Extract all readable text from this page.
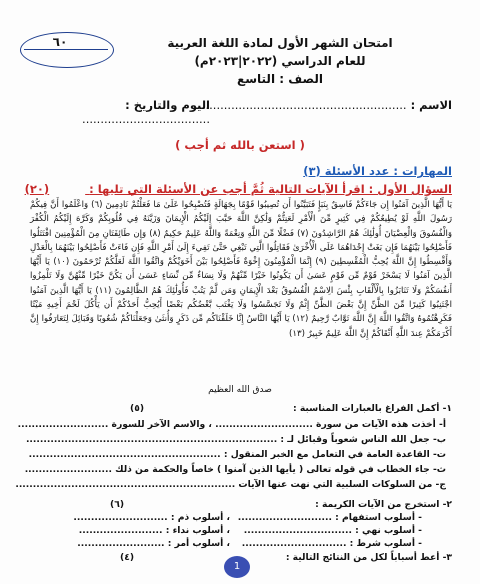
٦٠	امتحان الشهر الأول لمادة اللغة العربية
للعام الدراسي (٢٠٢٢|٢٠٢٣م)
الصف : التاسع
الاسم : ..........................................................
اليوم والتاريخ : ...................................
( استعن بالله ثم أجب )
المهارات : عدد الأسئلة (٣)
السؤال الأول : اقرأ الآيات التالية ثُمَّ أجب عن الأسئلة التي تليها : (٢٠)
يَا أَيُّهَا الَّذِينَ آمَنُوا إِن جَاءَكُمْ فَاسِقٌ بِنَبَإٍ فَتَبَيَّنُوا أَن تُصِيبُوا قَوْمًا بِجَهَالَةٍ فَتُصْبِحُوا عَلَىٰ مَا فَعَلْتُمْ نَادِمِينَ (٦) وَاعْلَمُوا أَنَّ فِيكُمْ رَسُولَ اللَّهِ لَوْ يُطِيعُكُمْ فِي كَثِيرٍ مِّنَ الْأَمْرِ لَعَنِتُّمْ وَلَٰكِنَّ اللَّهَ حَبَّبَ إِلَيْكُمُ الْإِيمَانَ وَزَيَّنَهُ فِي قُلُوبِكُمْ وَكَرَّهَ إِلَيْكُمُ الْكُفْرَ وَالْفُسُوقَ وَالْعِصْيَانَ أُولَٰئِكَ هُمُ الرَّاشِدُونَ (٧) فَضْلًا مِّنَ اللَّهِ وَنِعْمَةً وَاللَّهُ عَلِيمٌ حَكِيمٌ (٨) وَإِن طَائِفَتَانِ مِنَ الْمُؤْمِنِينَ اقْتَتَلُوا فَأَصْلِحُوا بَيْنَهُمَا فَإِن بَغَتْ إِحْدَاهُمَا عَلَى الْأُخْرَىٰ فَقَاتِلُوا الَّتِي تَبْغِي حَتَّىٰ تَفِيءَ إِلَىٰ أَمْرِ اللَّهِ فَإِن فَاءَتْ فَأَصْلِحُوا بَيْنَهُمَا بِالْعَدْلِ وَأَقْسِطُوا إِنَّ اللَّهَ يُحِبُّ الْمُقْسِطِينَ (٩) إِنَّمَا الْمُؤْمِنُونَ إِخْوَةٌ فَأَصْلِحُوا بَيْنَ أَخَوَيْكُمْ وَاتَّقُوا اللَّهَ لَعَلَّكُمْ تُرْحَمُونَ (١٠) يَا أَيُّهَا الَّذِينَ آمَنُوا لَا يَسْخَرْ قَوْمٌ مِّن قَوْمٍ عَسَىٰ أَن يَكُونُوا خَيْرًا مِّنْهُمْ وَلَا نِسَاءٌ مِّن نِّسَاءٍ عَسَىٰ أَن يَكُنَّ خَيْرًا مِّنْهُنَّ وَلَا تَلْمِزُوا أَنفُسَكُمْ وَلَا تَنَابَزُوا بِالْأَلْقَابِ بِئْسَ الِاسْمُ الْفُسُوقُ بَعْدَ الْإِيمَانِ وَمَن لَّمْ يَتُبْ فَأُولَٰئِكَ هُمُ الظَّالِمُونَ (١١) يَا أَيُّهَا الَّذِينَ آمَنُوا اجْتَنِبُوا كَثِيرًا مِّنَ الظَّنِّ إِنَّ بَعْضَ الظَّنِّ إِثْمٌ وَلَا تَجَسَّسُوا وَلَا يَغْتَب بَّعْضُكُم بَعْضًا أَيُحِبُّ أَحَدُكُمْ أَن يَأْكُلَ لَحْمَ أَخِيهِ مَيْتًا فَكَرِهْتُمُوهُ وَاتَّقُوا اللَّهَ إِنَّ اللَّهَ تَوَّابٌ رَّحِيمٌ (١٢) يَا أَيُّهَا النَّاسُ إِنَّا خَلَقْنَاكُم مِّن ذَكَرٍ وَأُنثَىٰ وَجَعَلْنَاكُمْ شُعُوبًا وَقَبَائِلَ لِتَعَارَفُوا إِنَّ أَكْرَمَكُمْ عِندَ اللَّهِ أَتْقَاكُمْ إِنَّ اللَّهَ عَلِيمٌ خَبِيرٌ (١٣)
صدق الله العظيم
١- أكمل الفراغ بالعبارات المناسبة :
(٥)
أ- أخذت هذه الآيات من سورة ............................ ، والاسم الآخر للسورة ..........................
ب- جعل الله الناس شعوباً وقبائل لـ : ........................................................................
ت- القاعدة العامة في التعامل مع الخبر المنقول : .......................................................
ث- جاء الخطاب في قوله تعالى ( يأيها الذين آمنوا ) خاصاً والحكمة من ذلك .........................
ج- من السلوكات السلبية التي نهت عنها الآيات ...............................................................
٢- استخرج من الآيات الكريمة :
(٦)
- أسلوب استفهام : ...........................
، أسلوب ذم : ...........................
- أسلوب نهي : ...............................
، أسلوب نداء : ........................
- أسلوب شرط : ..............................
، أسلوب أمر : .........................
٣- أعط أسباباً لكل من النتائج التالية :
(٤)
1
